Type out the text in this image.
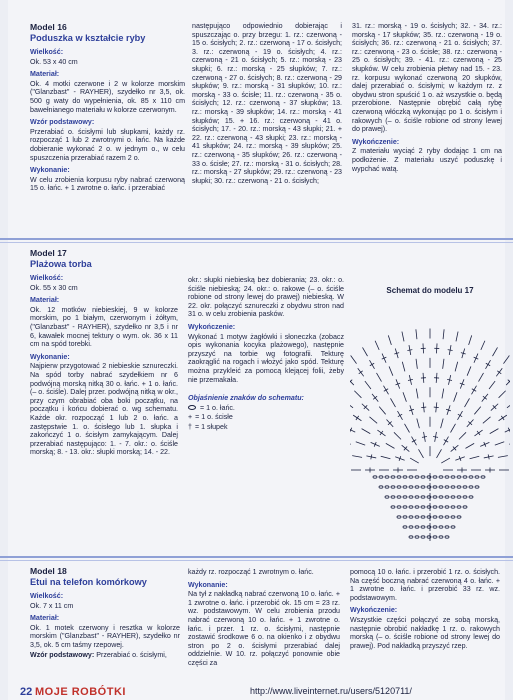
Model 16

Poduszka w kształcie ryby

Wielkość:

Ok. 53 x 40 cm

Materiał:

Ok. 4 motki czerwone i 2 w kolorze morskim ("Glanzbast" - RAYHER), szydełko nr 3,5, ok. 500 g waty do wypełnienia, ok. 85 x 110 cm bawełnianego materiału w kolorze czerwonym.

Wzór podstawowy:

Przerabiać o. ścisłymi lub słupkami, każdy rz. rozpocząć 1 lub 2 zwrotnymi o. łańc. Na każde dobieranie wykonać 2 o. w jednym o., w celu spuszczenia przerabiać razem 2 o.

Wykonanie:

W celu zrobienia korpusu ryby nabrać czerwoną 15 o. łańc. + 1 zwrotne o. łańc. i przerabiać

następująco odpowiednio dobierając i spuszczając o. przy brzegu: 1. rz.: czerwoną - 15 o. ścisłych; 2. rz.: czerwoną - 17 o. ścisłych; 3. rz.: czerwoną - 19 o. ścisłych; 4. rz.: czerwoną - 21 o. ścisłych; 5. rz.: morską - 23 słupki; 6. rz.: morską - 25 słupków; 7. rz.: czerwoną - 27 o. ścisłych; 8. rz.: czerwoną - 29 słupków; 9. rz.: morską - 31 słupków; 10. rz.: morską - 33 o. ścisłe; 11. rz.: czerwoną - 35 o. ścisłych; 12. rz.: czerwoną - 37 słupków; 13. rz.: morską - 39 słupków; 14. rz.: morską - 41 słupków; 15. + 16. rz.: czerwoną - 41 o. ścisłych; 17. - 20. rz.: morską - 43 słupki; 21. + 22. rz.: czerwoną - 43 słupki; 23. rz.: morską - 41 słupków; 24. rz.: morską - 39 słupków; 25. rz.: czerwoną - 35 słupków; 26. rz.: czerwoną - 33 o. ścisłe; 27. rz.: morską - 31 o. ścisłych; 28. rz.: morską - 27 słupków; 29. rz.: czerwoną - 23 słupki; 30. rz.: czerwoną - 21 o. ścisłych;

31. rz.: morską - 19 o. ścisłych; 32. - 34. rz.: morską - 17 słupków; 35. rz.: czerwoną - 19 o. ścisłych; 36. rz.: czerwoną - 21 o. ścisłych; 37. rz.: czerwoną - 23 o. ścisłe; 38. rz.: czerwoną - 25 o. ścisłych; 39. - 41. rz.: czerwoną - 25 słupków. W celu zrobienia płetwy nad 15. - 23. rz. korpusu wykonać czerwoną 20 słupków, dalej przerabiać o. ścisłymi; w każdym rz. z obydwu stron spuścić 1 o. aż wszystkie o. będą przerobione. Następnie obrębić całą rybę czerwoną włóczką wykonując po 1 o. ścisłym i rakowych (– o. ściśle robione od strony lewej do prawej).

Wykończenie:

Z materiału wyciąć 2 ryby dodając 1 cm na podłożenie. Z materiału uszyć poduszkę i wypchać watą.

Model 17

Plażowa torba

Wielkość:

Ok. 55 x 30 cm

Materiał:

Ok. 12 motków niebieskiej, 9 w kolorze morskim, po 1 białym, czerwonym i żółtym, ("Glanzbast" - RAYHER), szydełko nr 3,5 i nr 6, kawałek mocnej tektury o wym. ok. 36 x 11 cm na spód torebki.

Wykonanie:

Najpierw przygotować 2 niebieskie sznureczki. Na spód torby nabrać szydełkiem nr 6 podwójną morską nitką 30 o. łańc. + 1 o. łańc. (– o. ściśle). Dalej przer. podwójną nitką w okr., przy czym obrabiać oba boki początku, na początku i końcu dobierać o. wg schematu. Każde okr. rozpocząć 1 lub 2 o. łańc. a zastępstwie 1. o. ścisłego lub 1. słupka i zakończyć 1 o. ścisłym zamykającym. Dalej przerabiać następująco: 1. - 7. okr.: o. ściśle morską; 8. - 13. okr.: słupki morską; 14. - 22.

okr.: słupki niebieską bez dobierania; 23. okr.: o. ściśle niebieską; 24. okr.: o. rakowe (– o. ściśle robione od strony lewej do prawej) niebieską. W 22. okr. połączyć sznureczki z obydwu stron nad 31 o. w celu zrobienia pasków.

Wykończenie:

Wykonać 1 motyw żagłówki i słoneczka (zobacz opis wykonania kocyka plażowego), następnie przyszyć na torbie wg fotografii. Tekturę zaokrąglić na rogach i włożyć jako spód. Tekturę można przykleić za pomocą klejącej folii, żeby nie przemakała.

Objaśnienie znaków do schematu:

= 1 o. łańc.

+ = 1 o. ścisłe

† = 1 słupek

Schemat do modelu 17

Model 18

Etui na telefon komórkowy

Wielkość:

Ok. 7 x 11 cm

Materiał:

Ok. 1 motek czerwony i resztka w kolorze morskim ("Glanzbast" - RAYHER), szydełko nr 3,5, ok. 5 cm taśmy rzepowej.

Wzór podstawowy: Przerabiać o. ścisłymi,

każdy rz. rozpocząć 1 zwrotnym o. łańc.

Wykonanie:

Na tył z nakładką nabrać czerwoną 10 o. łańc. + 1 zwrotne o. łańc. i przerobić ok. 15 cm = 23 rz. wz. podstawowym. W celu zrobienia przodu nabrać czerwoną 10 o. łańc. + 1 zwrotne o. łańc. i przer. 1 rz. o. ścisłymi, następnie zostawić środkowe 6 o. na okienko i z obydwu stron po 2 o. ścisłymi przerabiać dalej oddzielnie. W 10. rz. połączyć ponownie obie części za

pomocą 10 o. łańc. i przerobić 1 rz. o. ścisłych. Na część boczną nabrać czerwoną 4 o. łańc. + 1 zwrotne o. łańc. i przerobić 33 rz. wz. podstawowym.

Wykończenie:

Wszystkie części połączyć ze sobą morską, następnie obrobić nakładkę 1 rz. o. rakowych morską (– o. ściśle robione od strony lewej do prawej). Pod nakładką przyszyć rzep.

22 MOJE ROBÓTKI	http://www.liveinternet.ru/users/5120711/
